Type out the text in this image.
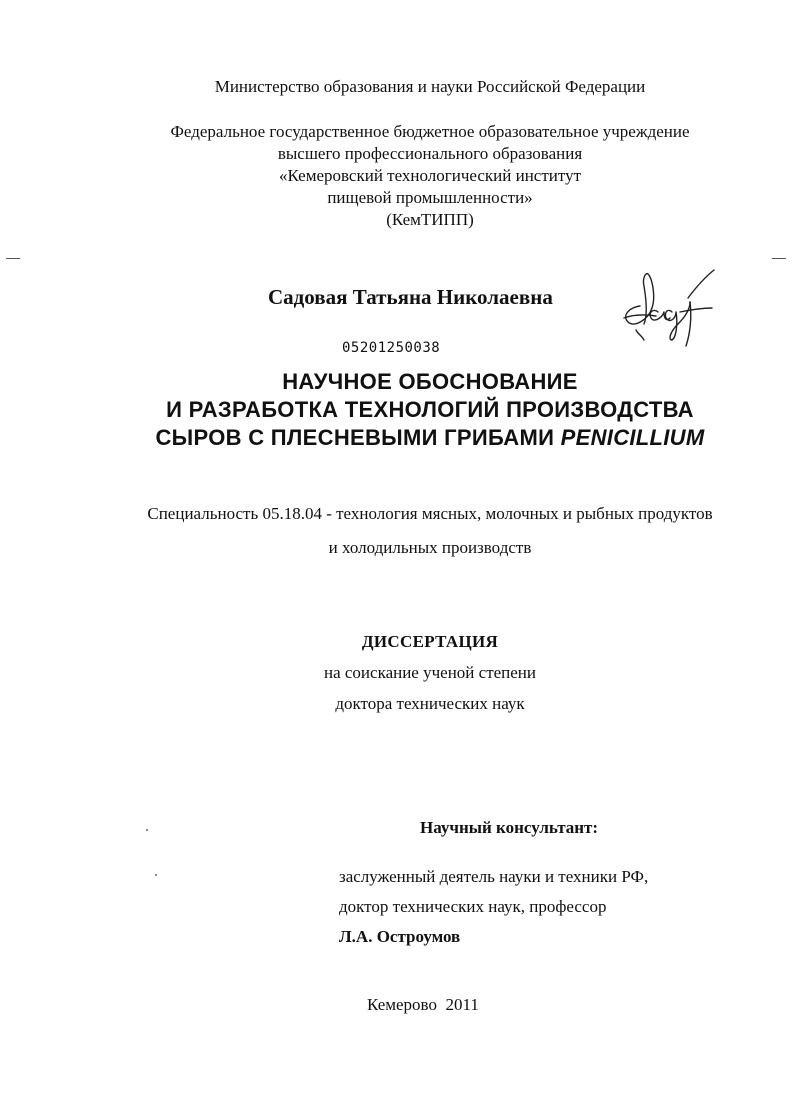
Министерство образования и науки Российской Федерации
Федеральное государственное бюджетное образовательное учреждение
высшего профессионального образования
«Кемеровский технологический институт
пищевой промышленности»
(КемТИПП)
Садовая Татьяна Николаевна
05201250038
НАУЧНОЕ ОБОСНОВАНИЕ
И РАЗРАБОТКА ТЕХНОЛОГИЙ ПРОИЗВОДСТВА
СЫРОВ С ПЛЕСНЕВЫМИ ГРИБАМИ PENICILLIUM
Специальность 05.18.04 - технология мясных, молочных и рыбных продуктов
и холодильных производств
ДИССЕРТАЦИЯ
на соискание ученой степени
доктора технических наук
Научный консультант:
заслуженный деятель науки и техники РФ,
доктор технических наук, профессор
Л.А. Остроумов
Кемерово  2011
